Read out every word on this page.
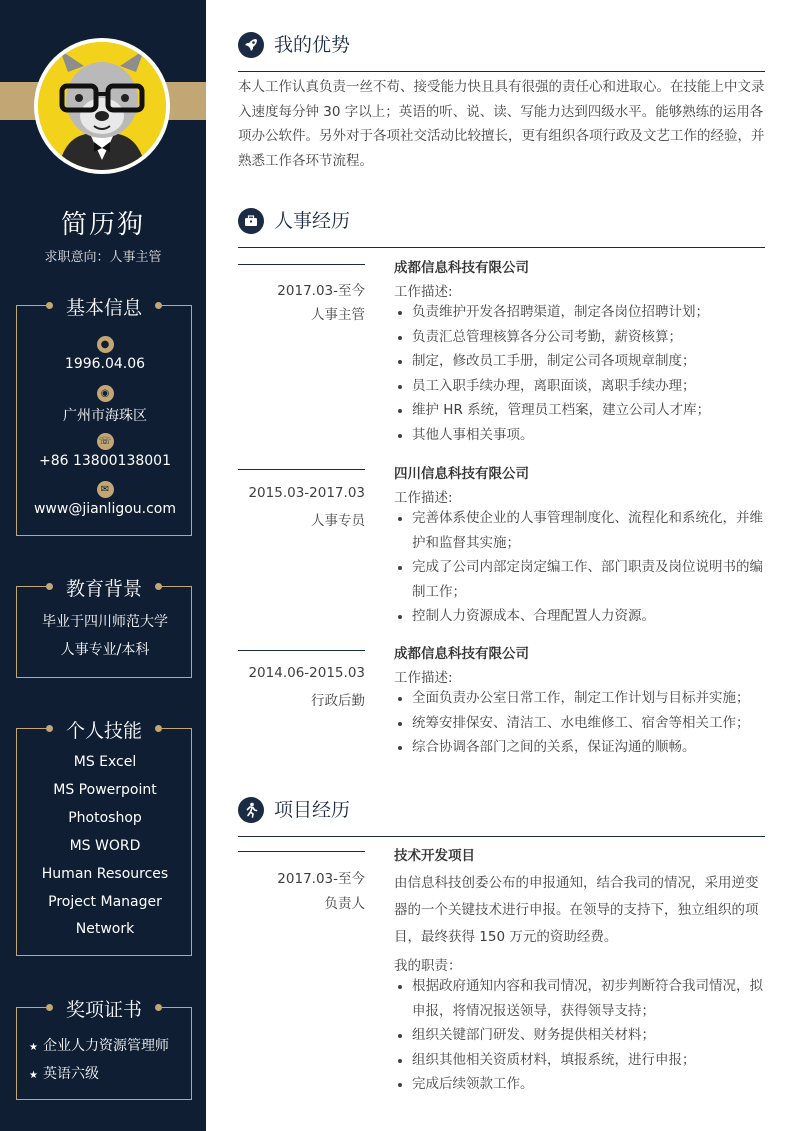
简历狗
求职意向：人事主管
基本信息
●
1996.04.06
◉
广州市海珠区
☏
+86 13800138001
✉
www@jianligou.com
教育背景
毕业于四川师范大学
人事专业/本科
个人技能
MS Excel
MS Powerpoint
Photoshop
MS WORD
Human Resources
Project Manager
Network
奖项证书
★ 企业人力资源管理师
★ 英语六级
我的优势
本人工作认真负责一丝不苟、接受能力快且具有很强的责任心和进取心。在技能上中文录入速度每分钟 30 字以上；英语的听、说、读、写能力达到四级水平。能够熟练的运用各项办公软件。另外对于各项社交活动比较擅长，更有组织各项行政及文艺工作的经验，并熟悉工作各环节流程。
人事经历
2017.03-至今
人事主管
成都信息科技有限公司
工作描述:
负责维护开发各招聘渠道，制定各岗位招聘计划；
负责汇总管理核算各分公司考勤，薪资核算；
制定，修改员工手册，制定公司各项规章制度；
员工入职手续办理，离职面谈，离职手续办理；
维护 HR 系统，管理员工档案，建立公司人才库；
其他人事相关事项。
2015.03-2017.03
人事专员
四川信息科技有限公司
工作描述:
完善体系使企业的人事管理制度化、流程化和系统化，并维护和监督其实施；
完成了公司内部定岗定编工作、部门职责及岗位说明书的编制工作；
控制人力资源成本、合理配置人力资源。
2014.06-2015.03
行政后勤
成都信息科技有限公司
工作描述:
全面负责办公室日常工作，制定工作计划与目标并实施；
统筹安排保安、清洁工、水电维修工、宿舍等相关工作；
综合协调各部门之间的关系，保证沟通的顺畅。
项目经历
2017.03-至今
负责人
技术开发项目
由信息科技创委公布的申报通知，结合我司的情况，采用逆变器的一个关键技术进行申报。在领导的支持下，独立组织的项目，最终获得 150 万元的资助经费。
我的职责：
根据政府通知内容和我司情况，初步判断符合我司情况，拟申报，将情况报送领导，获得领导支持；
组织关键部门研发、财务提供相关材料；
组织其他相关资质材料，填报系统，进行申报；
完成后续领款工作。
